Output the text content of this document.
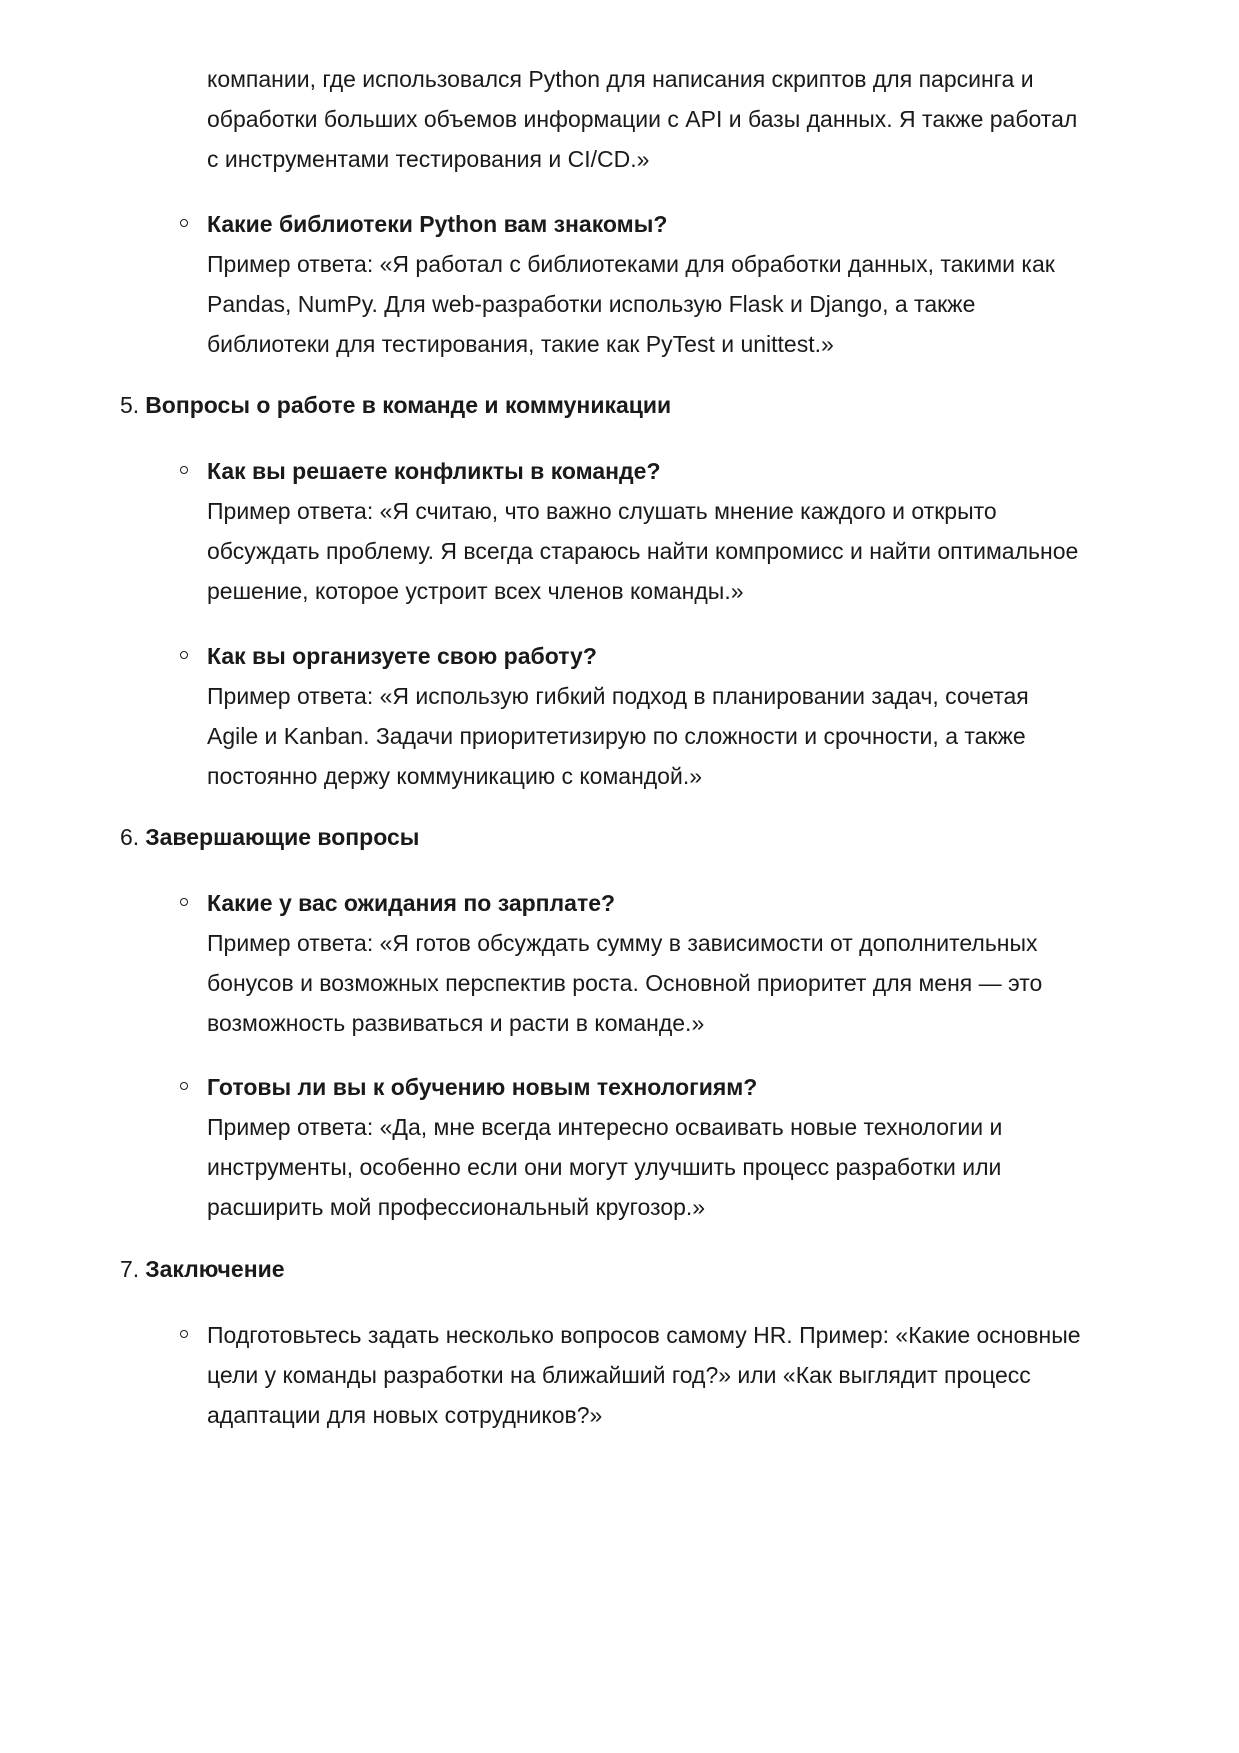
компании, где использовался Python для написания скриптов для парсинга и

обработки больших объемов информации с API и базы данных. Я также работал

с инструментами тестирования и CI/CD.»

Какие библиотеки Python вам знакомы?

Пример ответа: «Я работал с библиотеками для обработки данных, такими как

Pandas, NumPy. Для web-разработки использую Flask и Django, а также

библиотеки для тестирования, такие как PyTest и unittest.»

5. Вопросы о работе в команде и коммуникации

Как вы решаете конфликты в команде?

Пример ответа: «Я считаю, что важно слушать мнение каждого и открыто

обсуждать проблему. Я всегда стараюсь найти компромисс и найти оптимальное

решение, которое устроит всех членов команды.»

Как вы организуете свою работу?

Пример ответа: «Я использую гибкий подход в планировании задач, сочетая

Agile и Kanban. Задачи приоритетизирую по сложности и срочности, а также

постоянно держу коммуникацию с командой.»

6. Завершающие вопросы

Какие у вас ожидания по зарплате?

Пример ответа: «Я готов обсуждать сумму в зависимости от дополнительных

бонусов и возможных перспектив роста. Основной приоритет для меня — это

возможность развиваться и расти в команде.»

Готовы ли вы к обучению новым технологиям?

Пример ответа: «Да, мне всегда интересно осваивать новые технологии и

инструменты, особенно если они могут улучшить процесс разработки или

расширить мой профессиональный кругозор.»

7. Заключение

Подготовьтесь задать несколько вопросов самому HR. Пример: «Какие основные

цели у команды разработки на ближайший год?» или «Как выглядит процесс

адаптации для новых сотрудников?»
